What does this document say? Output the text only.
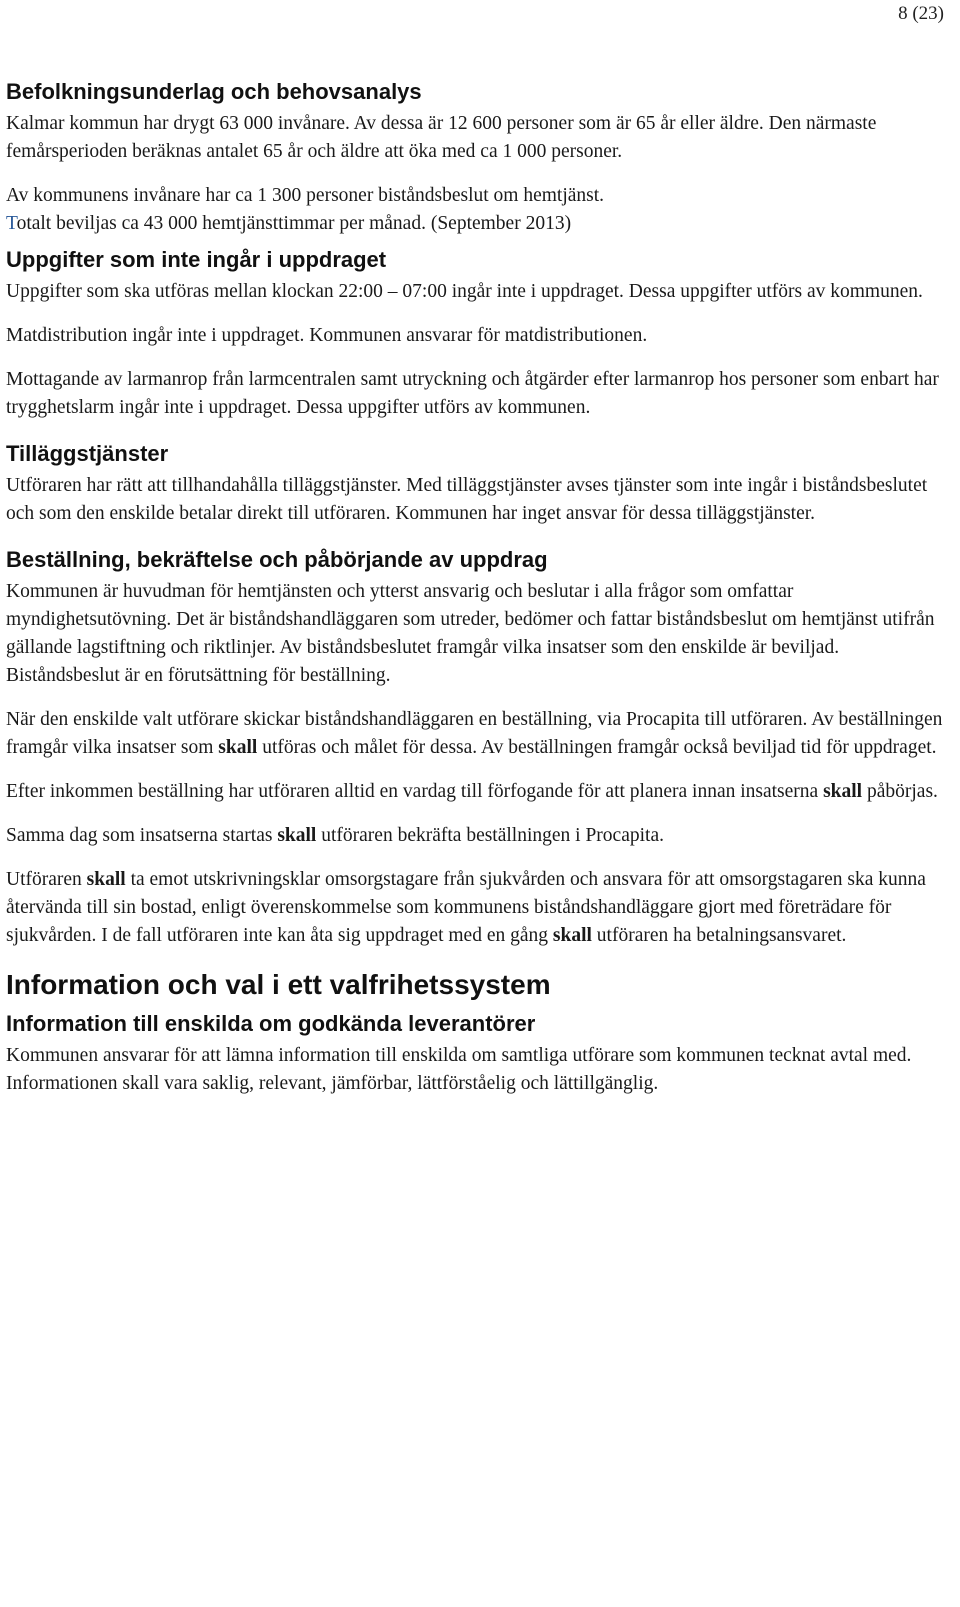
8 (23)
Befolkningsunderlag och behovsanalys

Kalmar kommun har drygt 63 000 invånare. Av dessa är 12 600 personer som är 65 år eller äldre. Den närmaste femårsperioden beräknas antalet 65 år och äldre att öka med ca 1 000 personer.

Av kommunens invånare har ca 1 300 personer biståndsbeslut om hemtjänst.
Totalt beviljas ca 43 000 hemtjänsttimmar per månad. (September 2013)

Uppgifter som inte ingår i uppdraget

Uppgifter som ska utföras mellan klockan 22:00 – 07:00 ingår inte i uppdraget. Dessa uppgifter utförs av kommunen.

Matdistribution ingår inte i uppdraget. Kommunen ansvarar för matdistributionen.

Mottagande av larmanrop från larmcentralen samt utryckning och åtgärder efter larmanrop hos personer som enbart har trygghetslarm ingår inte i uppdraget. Dessa uppgifter utförs av kommunen.

Tilläggstjänster

Utföraren har rätt att tillhandahålla tilläggstjänster. Med tilläggstjänster avses tjänster som inte ingår i biståndsbeslutet och som den enskilde betalar direkt till utföraren. Kommunen har inget ansvar för dessa tilläggstjänster.

Beställning, bekräftelse och påbörjande av uppdrag

Kommunen är huvudman för hemtjänsten och ytterst ansvarig och beslutar i alla frågor som omfattar myndighetsutövning. Det är biståndshandläggaren som utreder, bedömer och fattar biståndsbeslut om hemtjänst utifrån gällande lagstiftning och riktlinjer. Av biståndsbeslutet framgår vilka insatser som den enskilde är beviljad. Biståndsbeslut är en förutsättning för beställning.

När den enskilde valt utförare skickar biståndshandläggaren en beställning, via Procapita till utföraren. Av beställningen framgår vilka insatser som skall utföras och målet för dessa. Av beställningen framgår också beviljad tid för uppdraget.

Efter inkommen beställning har utföraren alltid en vardag till förfogande för att planera innan insatserna skall påbörjas.

Samma dag som insatserna startas skall utföraren bekräfta beställningen i Procapita.

Utföraren skall ta emot utskrivningsklar omsorgstagare från sjukvården och ansvara för att omsorgstagaren ska kunna återvända till sin bostad, enligt överenskommelse som kommunens biståndshandläggare gjort med företrädare för sjukvården. I de fall utföraren inte kan åta sig uppdraget med en gång skall utföraren ha betalningsansvaret.

Information och val i ett valfrihetssystem
Information till enskilda om godkända leverantörer

Kommunen ansvarar för att lämna information till enskilda om samtliga utförare som kommunen tecknat avtal med. Informationen skall vara saklig, relevant, jämförbar, lättförståelig och lättillgänglig.
